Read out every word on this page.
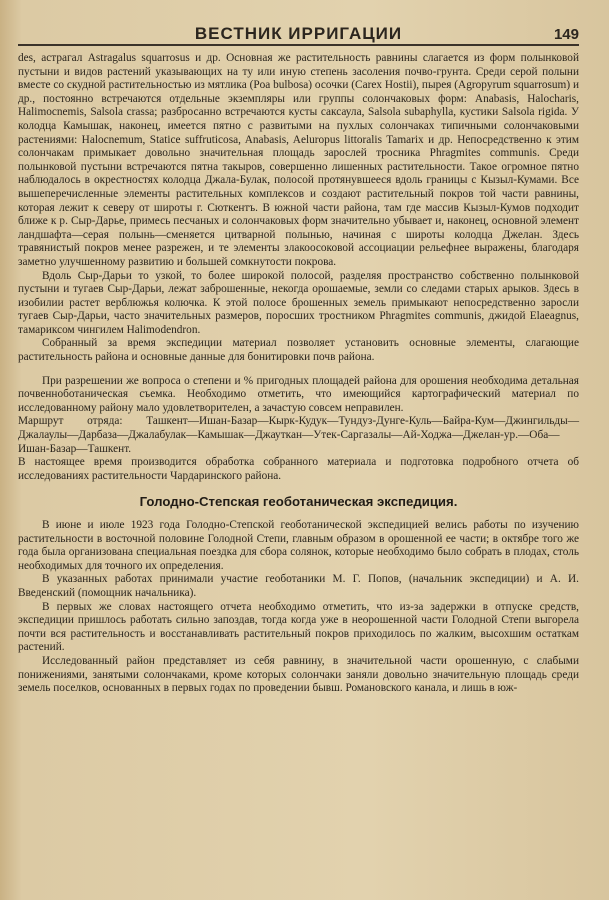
ВЕСТНИК ИРРИГАЦИИ	149

des, астрагал Astragalus squarrosus и др. Основная же растительность равнины слагается из форм полынковой пустыни и видов растений указывающих на ту или иную степень засоления почво-грунта. Среди серой полыни вместе со скудной растительностью из мятлика (Poa bulbosa) осочки (Carex Hostii), пырея (Agropyrum squarrosum) и др., постоянно встречаются отдельные экземпляры или группы солончаковых форм: Anabasis, Halocharis, Halimocnemis, Salsola crassa; разбросанно встречаются кусты саксаула, Salsola subaphylla, кустики Salsola rigida. У колодца Камышак, наконец, имеется пятно с развитыми на пухлых солончаках типичными солончаковыми растениями: Halocnemum, Statice suffruticosa, Anabasis, Aeluropus littoralis Tamarix и др. Непосредственно к этим солончакам примыкает довольно значительная площадь зарослей тросника Phragmites communis. Среди полынковой пустыни встречаются пятна такыров, совершенно лишенных растительности. Такое огромное пятно наблюдалось в окрестностях колодца Джала-Булак, полосой протянувшееся вдоль границы с Кызыл-Кумами. Все вышеперечисленные элементы растительных комплексов и создают растительный покров той части равнины, которая лежит к северу от широты г. Сюткентъ. В южной части района, там где массив Кызыл-Кумов подходит ближе к р. Сыр-Дарье, примесь песчаных и солончаковых форм значительно убывает и, наконец, основной элемент ландшафта—серая полынь—сменяется цитварной полынью, начиная с широты колодца Джелан. Здесь травянистый покров менее разрежен, и те элементы злакоосоковой ассоциации рельефнее выражены, благодаря заметно улучшенному развитию и большей сомкнутости покрова.

Вдоль Сыр-Дарьи то узкой, то более широкой полосой, разделяя пространство собственно полынковой пустыни и тугаев Сыр-Дарьи, лежат заброшенные, некогда орошаемые, земли со следами старых арыков. Здесь в изобилии растет верблюжья колючка. К этой полосе брошенных земель примыкают непосредственно заросли тугаев Сыр-Дарьи, часто значительных размеров, поросших тростником Phragmites communis, джидой Elaeagnus, тамариксом чингилем Halimodendron.

Собранный за время экспедиции материал позволяет установить основные элементы, слагающие растительность района и основные данные для бонитировки почв района.

При разрешении же вопроса о степени и % пригодных площадей района для орошения необходима детальная почвенноботаническая съемка. Необходимо отметить, что имеющийся картографический материал по исследованному району мало удовлетворителен, а зачастую совсем неправилен.

Маршрут отряда: Ташкент—Ишан-Базар—Кырк-Кудук—Тундуз-Дунге-Куль—Байра-Кум—Джингильды—Джалаулы—Дарбаза—Джалабулак—Камышак—Джауткан—Утек-Саргазалы—Ай-Ходжа—Джелан-ур.—Оба—Ишан-Базар—Ташкент.

В настоящее время производится обработка собранного материала и подготовка подробного отчета об исследованиях растительности Чардаринского района.

Голодно-Степская геоботаническая экспедиция.

В июне и июле 1923 года Голодно-Степской геоботанической экспедицией велись работы по изучению растительности в восточной половине Голодной Степи, главным образом в орошенной ее части; в октябре того же года была организована специальная поездка для сбора солянок, которые необходимо было собрать в плодах, столь необходимых для точного их определения.

В указанных работах принимали участие геоботаники М. Г. Попов, (начальник экспедиции) и А. И. Введенский (помощник начальника).

В первых же словах настоящего отчета необходимо отметить, что из-за задержки в отпуске средств, экспедиции пришлось работать сильно запоздав, тогда когда уже в неорошенной части Голодной Степи выгорела почти вся растительность и восстанавливать растительный покров приходилось по жалким, высохшим остаткам растений.

Исследованный район представляет из себя равнину, в значительной части орошенную, с слабыми понижениями, занятыми солончаками, кроме которых солончаки заняли довольно значительную площадь среди земель поселков, основанных в первых годах по проведении бывш. Романовского канала, и лишь в юж-
